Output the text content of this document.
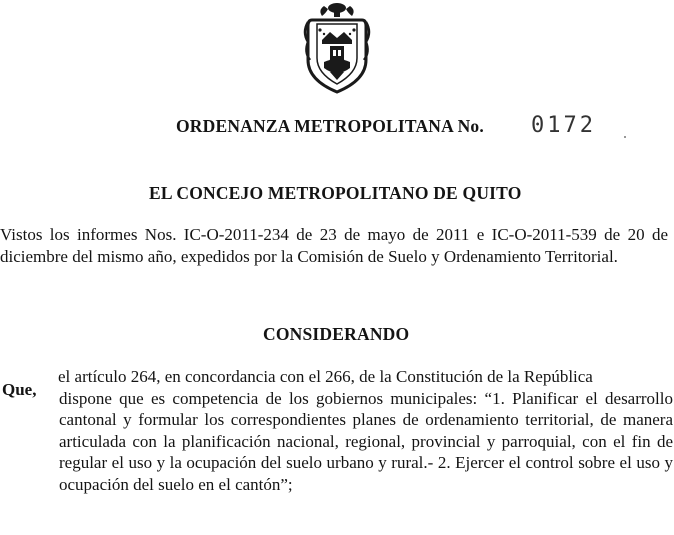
ORDENANZA METROPOLITANA No. 0172
EL CONCEJO METROPOLITANO DE QUITO
Vistos los informes Nos. IC-O-2011-234 de 23 de mayo de 2011 e IC-O-2011-539 de 20 de diciembre del mismo año, expedidos por la Comisión de Suelo y Ordenamiento Territorial.
CONSIDERANDO
Que,
el artículo 264, en concordancia con el 266, de la Constitución de la República
dispone que es competencia de los gobiernos municipales: “1. Planificar el desarrollo cantonal y formular los correspondientes planes de ordenamiento territorial, de manera articulada con la planificación nacional, regional, provincial y parroquial, con el fin de regular el uso y la ocupación del suelo urbano y rural.- 2. Ejercer el control sobre el uso y ocupación del suelo en el cantón”;
